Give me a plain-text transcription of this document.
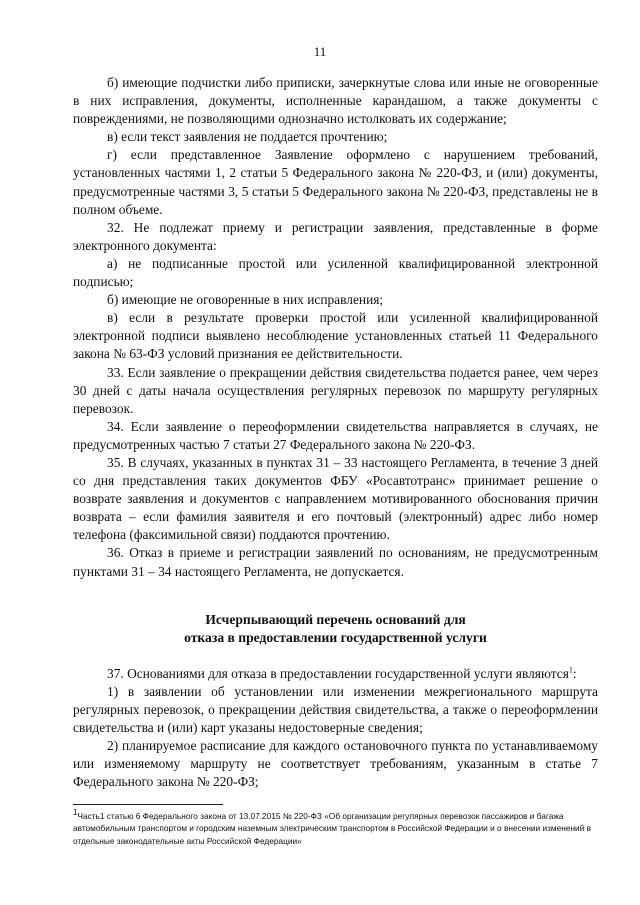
11

б) имеющие подчистки либо приписки, зачеркнутые слова или иные не оговоренные в них исправления, документы, исполненные карандашом, а также документы с повреждениями, не позволяющими однозначно истолковать их содержание;

в) если текст заявления не поддается прочтению;

г) если представленное Заявление оформлено с нарушением требований, установленных частями 1, 2 статьи 5 Федерального закона № 220-ФЗ, и (или) документы, предусмотренные частями 3, 5 статьи 5 Федерального закона № 220-ФЗ, представлены не в полном объеме.

32. Не подлежат приему и регистрации заявления, представленные в форме электронного документа:

а) не подписанные простой или усиленной квалифицированной электронной подписью;

б) имеющие не оговоренные в них исправления;

в) если в результате проверки простой или усиленной квалифицированной электронной подписи выявлено несоблюдение установленных статьей 11 Федерального закона № 63-ФЗ условий признания ее действительности.

33. Если заявление о прекращении действия свидетельства подается ранее, чем через 30 дней с даты начала осуществления регулярных перевозок по маршруту регулярных перевозок.

34. Если заявление о переоформлении свидетельства направляется в случаях, не предусмотренных частью 7 статьи 27 Федерального закона № 220-ФЗ.

35. В случаях, указанных в пунктах 31 – 33 настоящего Регламента, в течение 3 дней со дня представления таких документов ФБУ «Росавтотранс» принимает решение о возврате заявления и документов с направлением мотивированного обоснования причин возврата – если фамилия заявителя и его почтовый (электронный) адрес либо номер телефона (факсимильной связи) поддаются прочтению.

36. Отказ в приеме и регистрации заявлений по основаниям, не предусмотренным пунктами 31 – 34 настоящего Регламента, не допускается.

Исчерпывающий перечень оснований для
отказа в предоставлении государственной услуги

37. Основаниями для отказа в предоставлении государственной услуги являются$^1$:

1) в заявлении об установлении или изменении межрегионального маршрута регулярных перевозок, о прекращении действия свидетельства, а также о переоформлении свидетельства и (или) карт указаны недостоверные сведения;

2) планируемое расписание для каждого остановочного пункта по устанавливаемому или изменяемому маршруту не соответствует требованиям, указанным в статье 7 Федерального закона № 220-ФЗ;

$^1$Часть1 статью 6 Федерального закона от 13.07.2015 № 220-ФЗ «Об организации регулярных перевозок пассажиров и багажа автомобильным транспортом и городским наземным электрическим транспортом в Российской Федерации и о внесении изменений в отдельные законодательные акты Российской Федерации»
